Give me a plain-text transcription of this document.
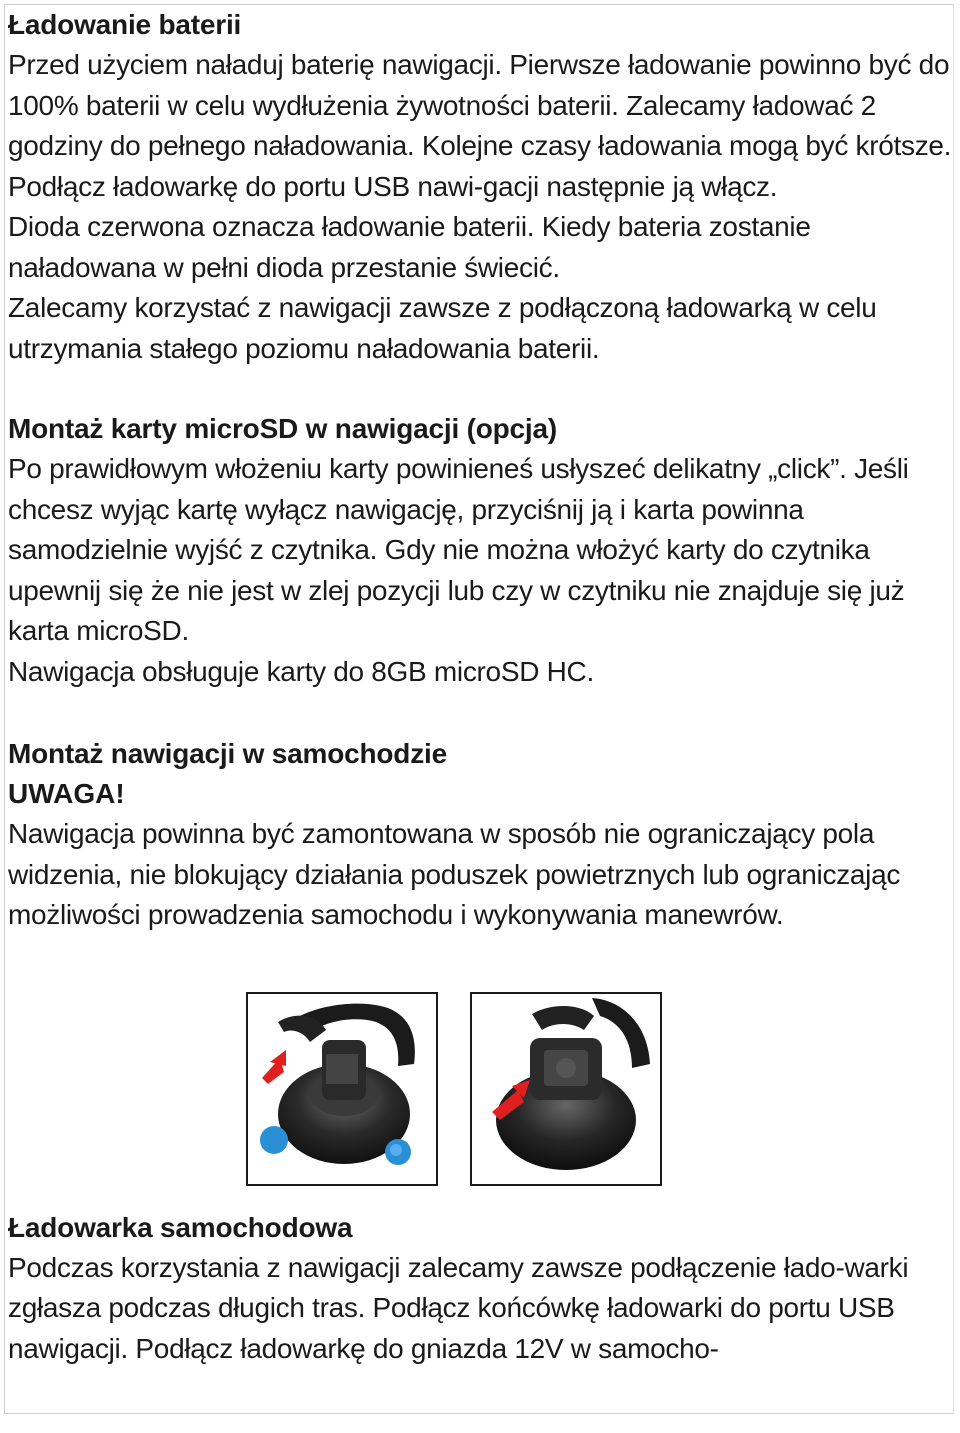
Ładowanie baterii

Przed użyciem naładuj baterię nawigacji. Pierwsze ładowanie powinno być do 100% baterii w celu wydłużenia żywotności baterii. Zalecamy ładować 2 godziny do pełnego naładowania. Kolejne czasy ładowania mogą być krótsze. Podłącz ładowarkę do portu USB nawi-gacji następnie ją włącz.

Dioda czerwona oznacza ładowanie baterii. Kiedy bateria zostanie naładowana w pełni dioda przestanie świecić.

Zalecamy korzystać z nawigacji zawsze z podłączoną ładowarką w celu utrzymania stałego poziomu naładowania baterii.

Montaż karty microSD w nawigacji (opcja)

Po prawidłowym włożeniu karty powinieneś usłyszeć delikatny „click”. Jeśli chcesz wyjąc kartę wyłącz nawigację, przyciśnij ją i karta powinna samodzielnie wyjść z czytnika. Gdy nie można włożyć karty do czytnika upewnij się że nie jest w zlej pozycji lub czy w czytniku nie znajduje się już karta microSD.

Nawigacja obsługuje karty do 8GB microSD HC.

Montaż nawigacji w samochodzie
UWAGA!

Nawigacja powinna być zamontowana w sposób nie ograniczający pola widzenia, nie blokujący działania poduszek powietrznych lub ograniczając możliwości prowadzenia samochodu i wykonywania manewrów.

Ładowarka samochodowa

Podczas korzystania z nawigacji zalecamy zawsze podłączenie łado-warki zgłasza podczas długich tras. Podłącz końcówkę ładowarki do portu USB nawigacji. Podłącz ładowarkę do gniazda 12V w samocho-
